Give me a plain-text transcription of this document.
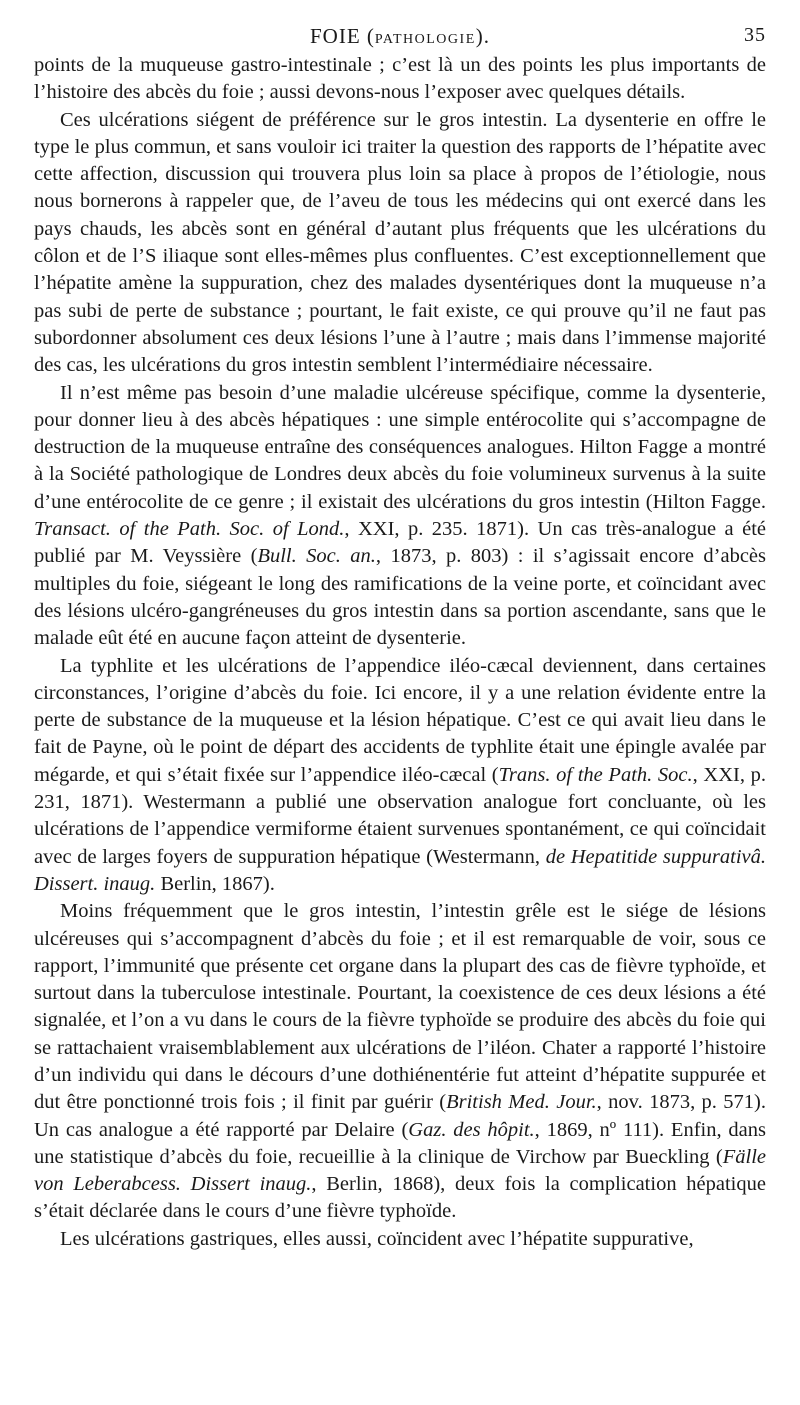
FOIE (PATHOLOGIE).	35

points de la muqueuse gastro-intestinale ; c’est là un des points les plus importants de l’histoire des abcès du foie ; aussi devons-nous l’exposer avec quelques détails.

Ces ulcérations siégent de préférence sur le gros intestin. La dysenterie en offre le type le plus commun, et sans vouloir ici traiter la question des rapports de l’hépatite avec cette affection, discussion qui trouvera plus loin sa place à propos de l’étiologie, nous nous bornerons à rappeler que, de l’aveu de tous les médecins qui ont exercé dans les pays chauds, les abcès sont en général d’autant plus fréquents que les ulcérations du côlon et de l’S iliaque sont elles-mêmes plus confluentes. C’est exceptionnellement que l’hépatite amène la suppuration, chez des malades dysentériques dont la muqueuse n’a pas subi de perte de substance ; pourtant, le fait existe, ce qui prouve qu’il ne faut pas subordonner absolument ces deux lésions l’une à l’autre ; mais dans l’immense majorité des cas, les ulcérations du gros intestin semblent l’intermédiaire nécessaire.

Il n’est même pas besoin d’une maladie ulcéreuse spécifique, comme la dysenterie, pour donner lieu à des abcès hépatiques : une simple entérocolite qui s’accompagne de destruction de la muqueuse entraîne des conséquences analogues. Hilton Fagge a montré à la Société pathologique de Londres deux abcès du foie volumineux survenus à la suite d’une entérocolite de ce genre ; il existait des ulcérations du gros intestin (Hilton Fagge. Transact. of the Path. Soc. of Lond., XXI, p. 235. 1871). Un cas très-analogue a été publié par M. Veyssière (Bull. Soc. an., 1873, p. 803) : il s’agissait encore d’abcès multiples du foie, siégeant le long des ramifications de la veine porte, et coïncidant avec des lésions ulcéro-gangréneuses du gros intestin dans sa portion ascendante, sans que le malade eût été en aucune façon atteint de dysenterie.

La typhlite et les ulcérations de l’appendice iléo-cæcal deviennent, dans certaines circonstances, l’origine d’abcès du foie. Ici encore, il y a une relation évidente entre la perte de substance de la muqueuse et la lésion hépatique. C’est ce qui avait lieu dans le fait de Payne, où le point de départ des accidents de typhlite était une épingle avalée par mégarde, et qui s’était fixée sur l’appendice iléo-cæcal (Trans. of the Path. Soc., XXI, p. 231, 1871). Westermann a publié une observation analogue fort concluante, où les ulcérations de l’appendice vermiforme étaient survenues spontanément, ce qui coïncidait avec de larges foyers de suppuration hépatique (Westermann, de Hepatitide suppurativâ. Dissert. inaug. Berlin, 1867).

Moins fréquemment que le gros intestin, l’intestin grêle est le siége de lésions ulcéreuses qui s’accompagnent d’abcès du foie ; et il est remarquable de voir, sous ce rapport, l’immunité que présente cet organe dans la plupart des cas de fièvre typhoïde, et surtout dans la tuberculose intestinale. Pourtant, la coexistence de ces deux lésions a été signalée, et l’on a vu dans le cours de la fièvre typhoïde se produire des abcès du foie qui se rattachaient vraisemblablement aux ulcérations de l’iléon. Chater a rapporté l’histoire d’un individu qui dans le décours d’une dothiénentérie fut atteint d’hépatite suppurée et dut être ponctionné trois fois ; il finit par guérir (British Med. Jour., nov. 1873, p. 571). Un cas analogue a été rapporté par Delaire (Gaz. des hôpit., 1869, nº 111). Enfin, dans une statistique d’abcès du foie, recueillie à la clinique de Virchow par Bueckling (Fälle von Leberabcess. Dissert inaug., Berlin, 1868), deux fois la complication hépatique s’était déclarée dans le cours d’une fièvre typhoïde.

Les ulcérations gastriques, elles aussi, coïncident avec l’hépatite suppurative,
